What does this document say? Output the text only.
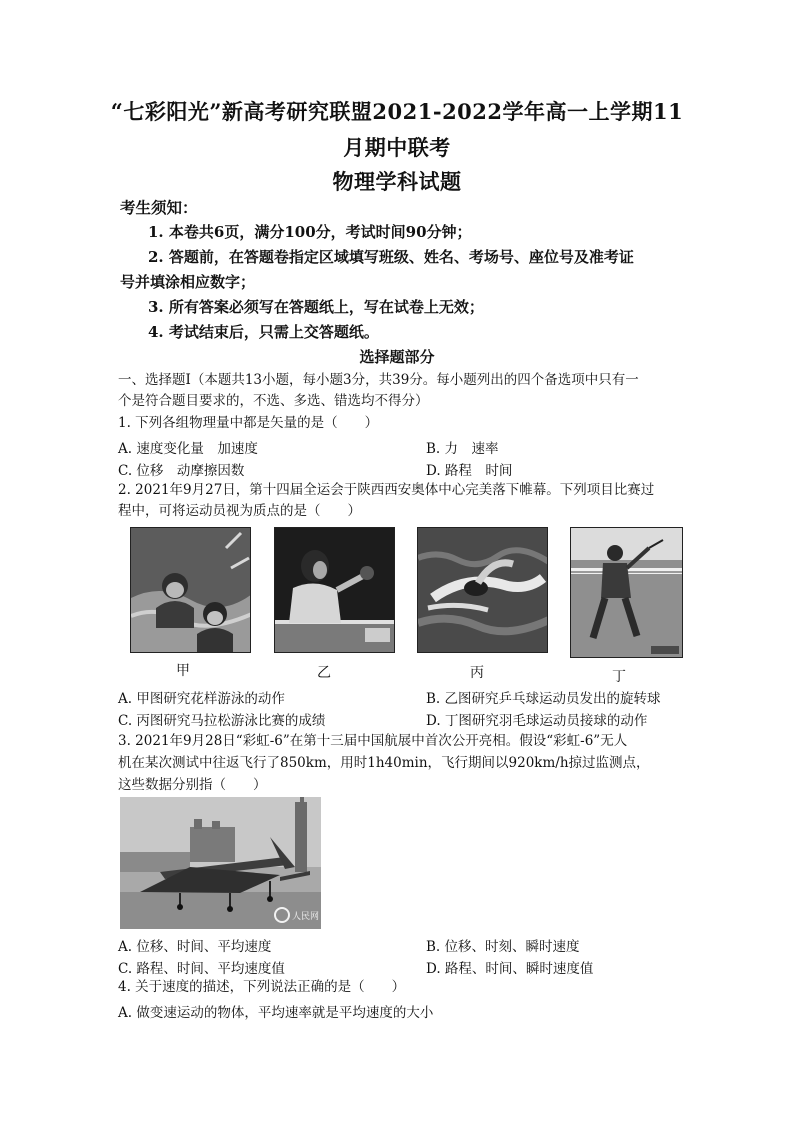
“七彩阳光”新高考研究联盟2021-2022学年高一上学期11
月期中联考
物理学科试题
考生须知：
1. 本卷共6页，满分100分，考试时间90分钟；
2. 答题前，在答题卷指定区域填写班级、姓名、考场号、座位号及准考证
号并填涂相应数字；
3. 所有答案必须写在答题纸上，写在试卷上无效；
4. 考试结束后，只需上交答题纸。
选择题部分
一、选择题Ⅰ（本题共13小题，每小题3分，共39分。每小题列出的四个备选项中只有一
个是符合题目要求的，不选、多选、错选均不得分）
1. 下列各组物理量中都是矢量的是（　　）
A. 速度变化量　加速度	B. 力　速率
C. 位移　动摩擦因数	D. 路程　时间
2. 2021年9月27日，第十四届全运会于陕西西安奥体中心完美落下帷幕。下列项目比赛过
程中，可将运动员视为质点的是（　　）
甲	乙	丙	丁
A. 甲图研究花样游泳的动作	B. 乙图研究乒乓球运动员发出的旋转球
C. 丙图研究马拉松游泳比赛的成绩	D. 丁图研究羽毛球运动员接球的动作
3. 2021年9月28日“彩虹-6”在第十三届中国航展中首次公开亮相。假设“彩虹-6”无人
机在某次测试中往返飞行了850km，用时1h40min，飞行期间以920km/h掠过监测点，
这些数据分别指（　　）
人民网
A. 位移、时间、平均速度	B. 位移、时刻、瞬时速度
C. 路程、时间、平均速度值	D. 路程、时间、瞬时速度值
4. 关于速度的描述，下列说法正确的是（　　）
A. 做变速运动的物体，平均速率就是平均速度的大小
